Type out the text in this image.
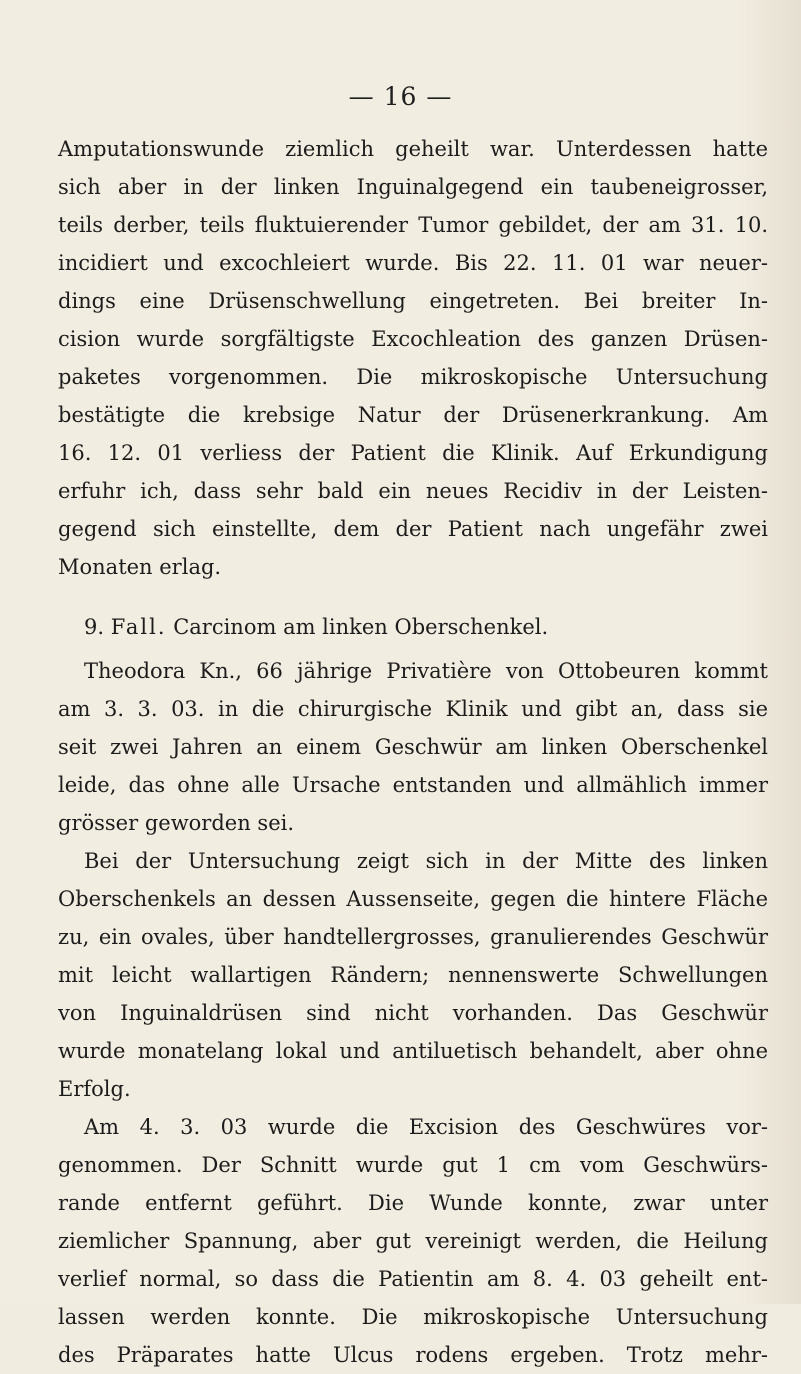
— 16 —
Amputationswunde ziemlich geheilt war. Unterdessen hatte
sich aber in der linken Inguinalgegend ein taubeneigrosser,
teils derber, teils fluktuierender Tumor gebildet, der am 31. 10.
incidiert und excochleiert wurde. Bis 22. 11. 01 war neuer-
dings eine Drüsenschwellung eingetreten. Bei breiter In-
cision wurde sorgfältigste Excochleation des ganzen Drüsen-
paketes vorgenommen. Die mikroskopische Untersuchung
bestätigte die krebsige Natur der Drüsenerkrankung. Am
16. 12. 01 verliess der Patient die Klinik. Auf Erkundigung
erfuhr ich, dass sehr bald ein neues Recidiv in der Leisten-
gegend sich einstellte, dem der Patient nach ungefähr zwei
Monaten erlag.
9. Fall. Carcinom am linken Oberschenkel.
Theodora Kn., 66 jährige Privatière von Ottobeuren kommt
am 3. 3. 03. in die chirurgische Klinik und gibt an, dass sie
seit zwei Jahren an einem Geschwür am linken Oberschenkel
leide, das ohne alle Ursache entstanden und allmählich immer
grösser geworden sei.
Bei der Untersuchung zeigt sich in der Mitte des linken
Oberschenkels an dessen Aussenseite, gegen die hintere Fläche
zu, ein ovales, über handtellergrosses, granulierendes Geschwür
mit leicht wallartigen Rändern; nennenswerte Schwellungen
von Inguinaldrüsen sind nicht vorhanden. Das Geschwür
wurde monatelang lokal und antiluetisch behandelt, aber ohne
Erfolg.
Am 4. 3. 03 wurde die Excision des Geschwüres vor-
genommen. Der Schnitt wurde gut 1 cm vom Geschwürs-
rande entfernt geführt. Die Wunde konnte, zwar unter
ziemlicher Spannung, aber gut vereinigt werden, die Heilung
verlief normal, so dass die Patientin am 8. 4. 03 geheilt ent-
lassen werden konnte. Die mikroskopische Untersuchung
des Präparates hatte Ulcus rodens ergeben. Trotz mehr-
